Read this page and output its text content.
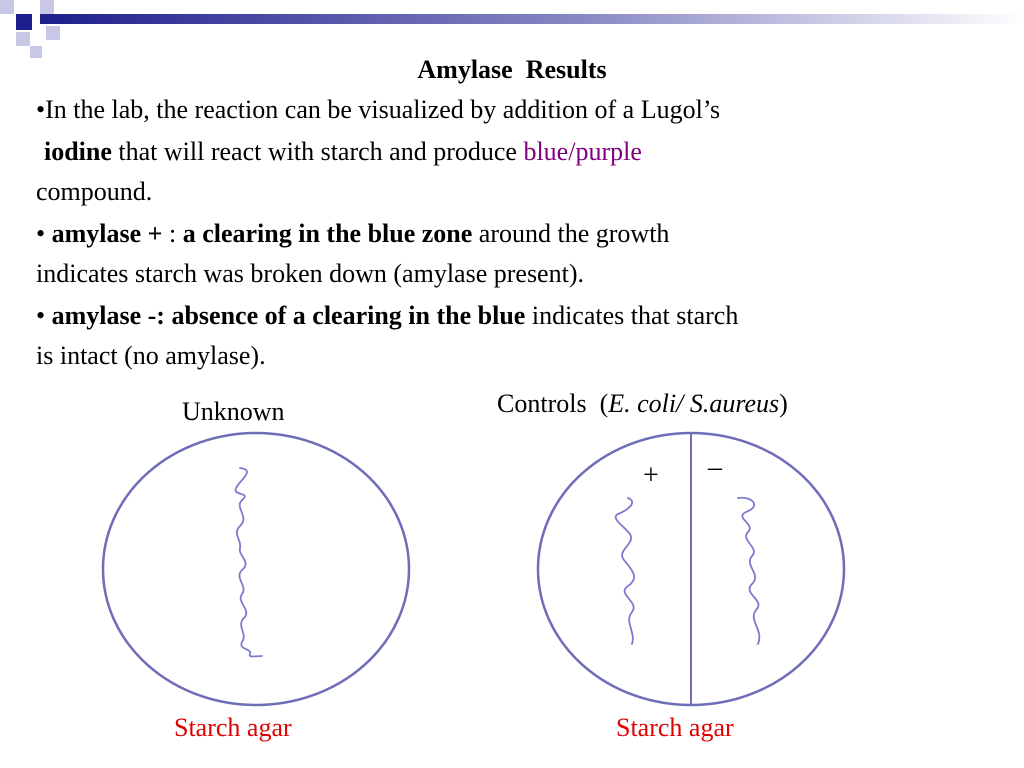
Amylase  Results
•In the lab, the reaction can be visualized by addition of a Lugol’s
iodine that will react with starch and produce blue/purple
compound.
• amylase + : a clearing in the blue zone around the growth
indicates starch was broken down (amylase present).
• amylase -: absence of a clearing in the blue indicates that starch
is intact (no amylase).
Unknown	Controls  (E. coli/ S.aureus)
+ –
Starch agar	Starch agar
